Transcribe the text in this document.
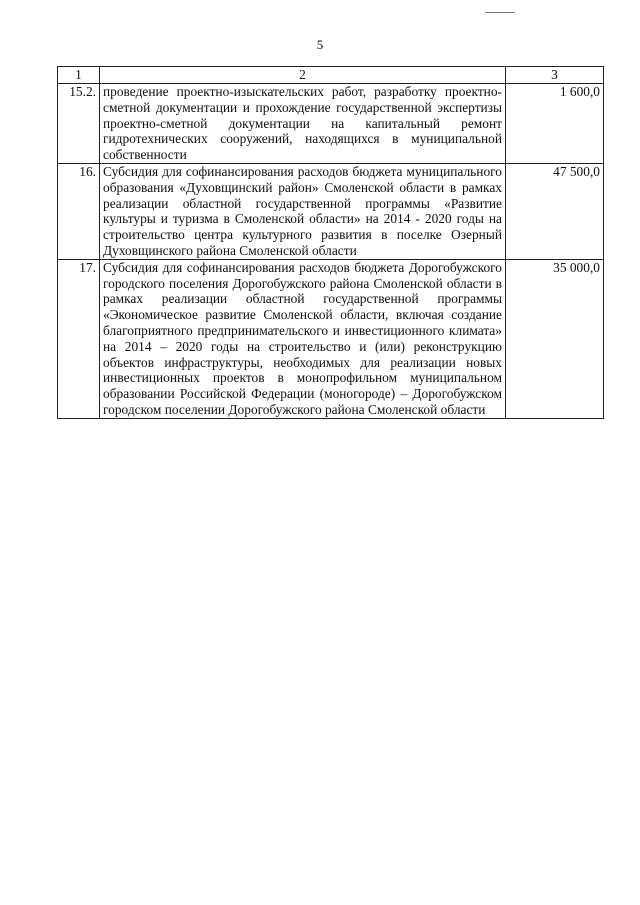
5
1	2	3
15.2.	проведение проектно-изыскательских работ, разработку проектно-сметной документации и прохождение государственной экспертизы проектно-сметной документации на капитальный ремонт гидротехнических сооружений, находящихся в муниципальной собственности	1 600,0
16.	Субсидия для софинансирования расходов бюджета муниципального образования «Духовщинский район» Смоленской области в рамках реализации областной государственной программы «Развитие культуры и туризма в Смоленской области» на 2014 - 2020 годы на строительство центра культурного развития в поселке Озерный Духовщинского района Смоленской области	47 500,0
17.	Субсидия для софинансирования расходов бюджета Дорогобужского городского поселения Дорогобужского района Смоленской области в рамках реализации областной государственной программы «Экономическое развитие Смоленской области, включая создание благоприятного предпринимательского и инвестиционного климата» на 2014 – 2020 годы на строительство и (или) реконструкцию объектов инфраструктуры, необходимых для реализации новых инвестиционных проектов в монопрофильном муниципальном образовании Российской Федерации (моногороде) – Дорогобужском городском поселении Дорогобужского района Смоленской области	35 000,0
